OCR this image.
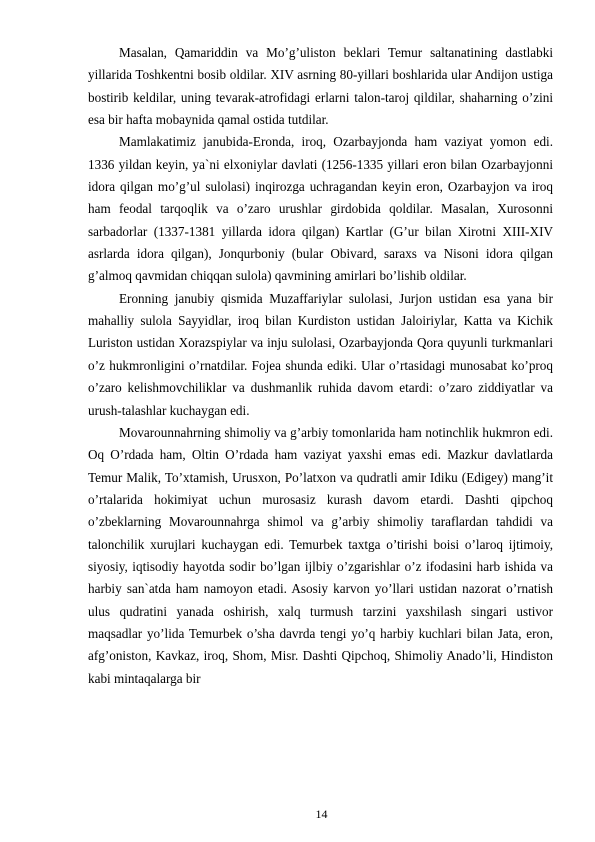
Masalan, Qamariddin va Mo’g’uliston beklari Temur saltanatining dastlabki yillarida Toshkentni bosib oldilar. XIV asrning 80-yillari boshlarida ular Andijon ustiga bostirib keldilar, uning tevarak-atrofidagi erlarni talon-taroj qildilar, shaharning o’zini esa bir hafta mobaynida qamal ostida tutdilar.

Mamlakatimiz janubida-Eronda, iroq, Ozarbayjonda ham vaziyat yomon edi. 1336 yildan keyin, ya`ni elxoniylar davlati (1256-1335 yillari eron bilan Ozarbayjonni idora qilgan mo’g’ul sulolasi) inqirozga uchragandan keyin eron, Ozarbayjon va iroq ham feodal tarqoqlik va o’zaro urushlar girdobida qoldilar. Masalan, Xurosonni sarbadorlar (1337-1381 yillarda idora qilgan) Kartlar (G’ur bilan Xirotni XIII-XIV asrlarda idora qilgan), Jonqurboniy (bular Obivard, saraxs va Nisoni idora qilgan g’almoq qavmidan chiqqan sulola) qavmining amirlari bo’lishib oldilar.

Eronning janubiy qismida Muzaffariylar sulolasi, Jurjon ustidan esa yana bir mahalliy sulola Sayyidlar, iroq bilan Kurdiston ustidan Jaloiriylar, Katta va Kichik Luriston ustidan Xorazspiylar va inju sulolasi, Ozarbayjonda Qora quyunli turkmanlari o’z hukmronligini o’rnatdilar. Fojea shunda ediki. Ular o’rtasidagi munosabat ko’proq o’zaro kelishmovchiliklar va dushmanlik ruhida davom etardi: o’zaro ziddiyatlar va urush-talashlar kuchaygan edi.

Movarounnahrning shimoliy va g’arbiy tomonlarida ham notinchlik hukmron edi. Oq O’rdada ham, Oltin O’rdada ham vaziyat yaxshi emas edi. Mazkur davlatlarda Temur Malik, To’xtamish, Urusxon, Po’latxon va qudratli amir Idiku (Edigey) mang’it o’rtalarida hokimiyat uchun murosasiz kurash davom etardi. Dashti qipchoq o’zbeklarning Movarounnahrga shimol va g’arbiy shimoliy taraflardan tahdidi va talonchilik xurujlari kuchaygan edi. Temurbek taxtga o’tirishi boisi o’laroq ijtimoiy, siyosiy, iqtisodiy hayotda sodir bo’lgan ijlbiy o’zgarishlar o’z ifodasini harb ishida va harbiy san`atda ham namoyon etadi. Asosiy karvon yo’llari ustidan nazorat o’rnatish ulus qudratini yanada oshirish, xalq turmush tarzini yaxshilash singari ustivor maqsadlar yo’lida Temurbek o’sha davrda tengi yo’q harbiy kuchlari bilan Jata, eron, afg’oniston, Kavkaz, iroq, Shom, Misr. Dashti Qipchoq, Shimoliy Anado’li, Hindiston kabi mintaqalarga bir

14
